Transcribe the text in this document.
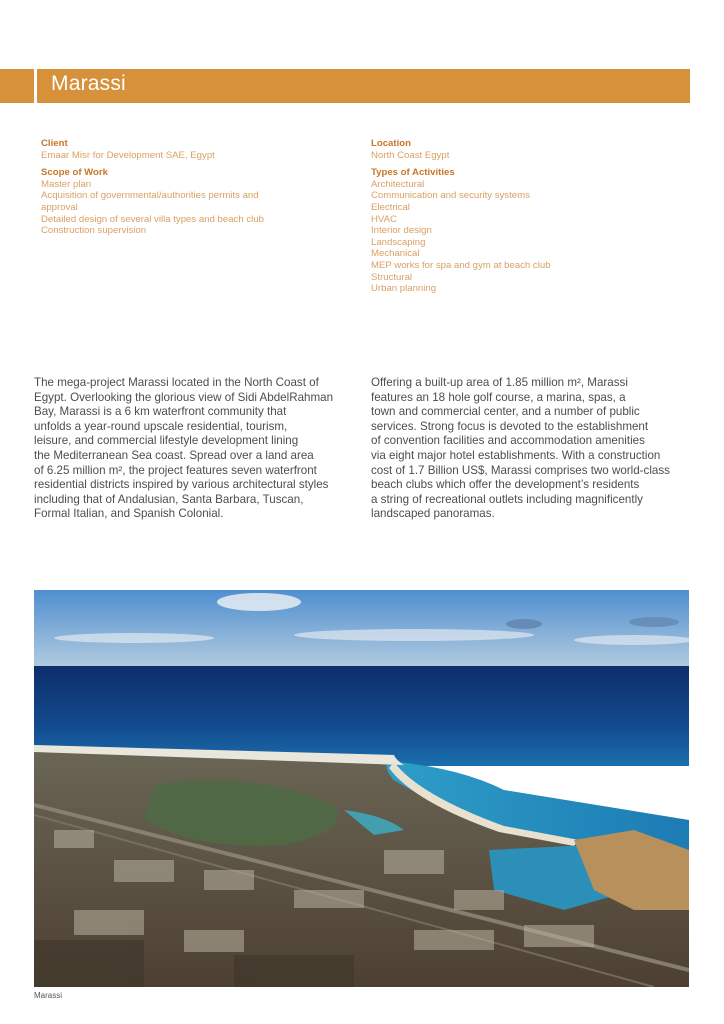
Marassi
Client
Emaar Misr for Development SAE, Egypt
Scope of Work
Master plan
Acquisition of governmental/authorities permits and
approval
Detailed design of several villa types and beach club
Construction supervision
Location
North Coast Egypt
Types of Activities
Architectural
Communication and security systems
Electrical
HVAC
Interior design
Landscaping
Mechanical
MEP works for spa and gym at beach club
Structural
Urban planning
The mega-project Marassi located in the North Coast of
Egypt. Overlooking the glorious view of Sidi AbdelRahman
Bay, Marassi is a 6 km waterfront community that
unfolds a year-round upscale residential, tourism,
leisure, and commercial lifestyle development lining
the Mediterranean Sea coast. Spread over a land area
of 6.25 million m², the project features seven waterfront
residential districts inspired by various architectural styles
including that of Andalusian, Santa Barbara, Tuscan,
Formal Italian, and Spanish Colonial.
Offering a built-up area of 1.85 million m², Marassi
features an 18 hole golf course, a marina, spas, a
town and commercial center, and a number of public
services. Strong focus is devoted to the establishment
of convention facilities and accommodation amenities
via eight major hotel establishments. With a construction
cost of 1.7 Billion US$, Marassi comprises two world-class
beach clubs which offer the development’s residents
a string of recreational outlets including magnificently
landscaped panoramas.
Marassi
